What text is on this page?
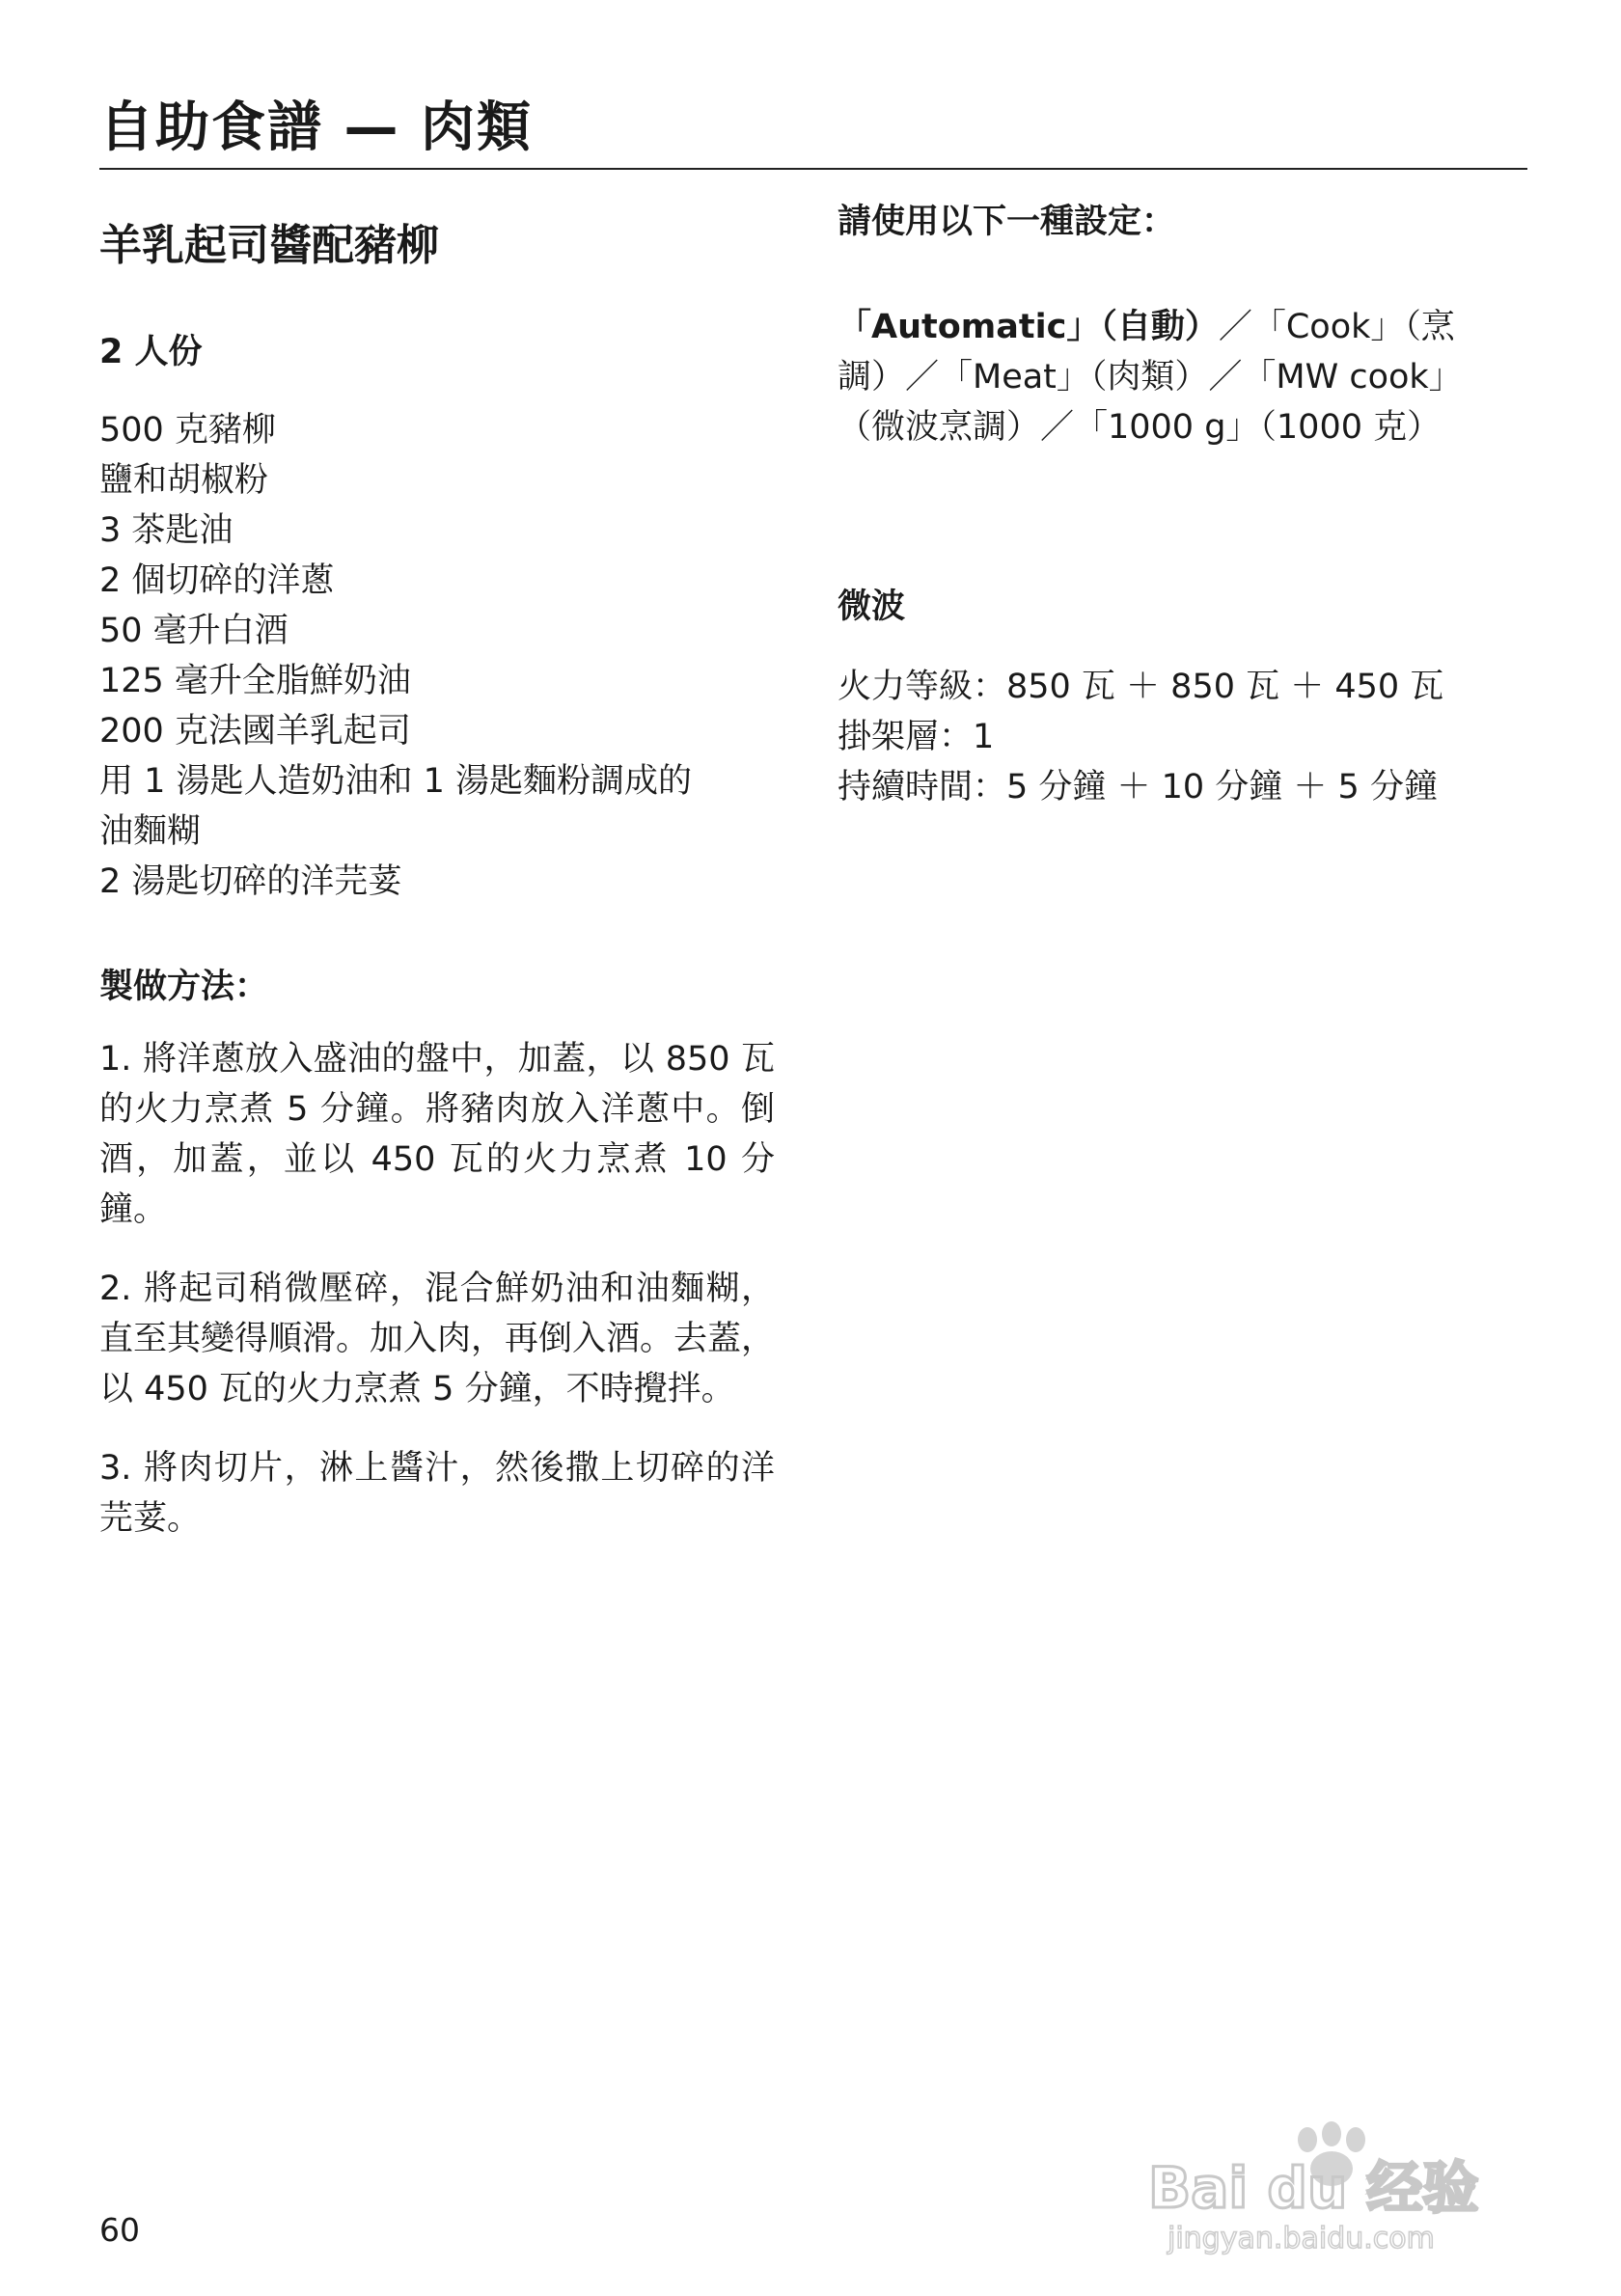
自助食譜 — 肉類
羊乳起司醬配豬柳
2 人份
500 克豬柳
鹽和胡椒粉
3 茶匙油
2 個切碎的洋蔥
50 毫升白酒
125 毫升全脂鮮奶油
200 克法國羊乳起司
用 1 湯匙人造奶油和 1 湯匙麵粉調成的
油麵糊
2 湯匙切碎的洋芫荽
製做方法：

1. 將洋蔥放入盛油的盤中，加蓋，以 850 瓦的火力烹煮 5 分鐘。將豬肉放入洋蔥中。倒酒，加蓋，並以 450 瓦的火力烹煮 10 分鐘。

2. 將起司稍微壓碎，混合鮮奶油和油麵糊，直至其變得順滑。加入肉，再倒入酒。去蓋，以 450 瓦的火力烹煮 5 分鐘，不時攪拌。

3. 將肉切片，淋上醬汁，然後撒上切碎的洋芫荽。

請使用以下一種設定：

「Automatic」（自動）／「Cook」（烹調）／「Meat」（肉類）／「MW cook」（微波烹調）／「1000 g」（1000 克）

微波
火力等級：850 瓦 ＋ 850 瓦 ＋ 450 瓦
掛架層：1
持續時間：5 分鐘 ＋ 10 分鐘 ＋ 5 分鐘

60

Bai du 经验
jingyan.baidu.com
